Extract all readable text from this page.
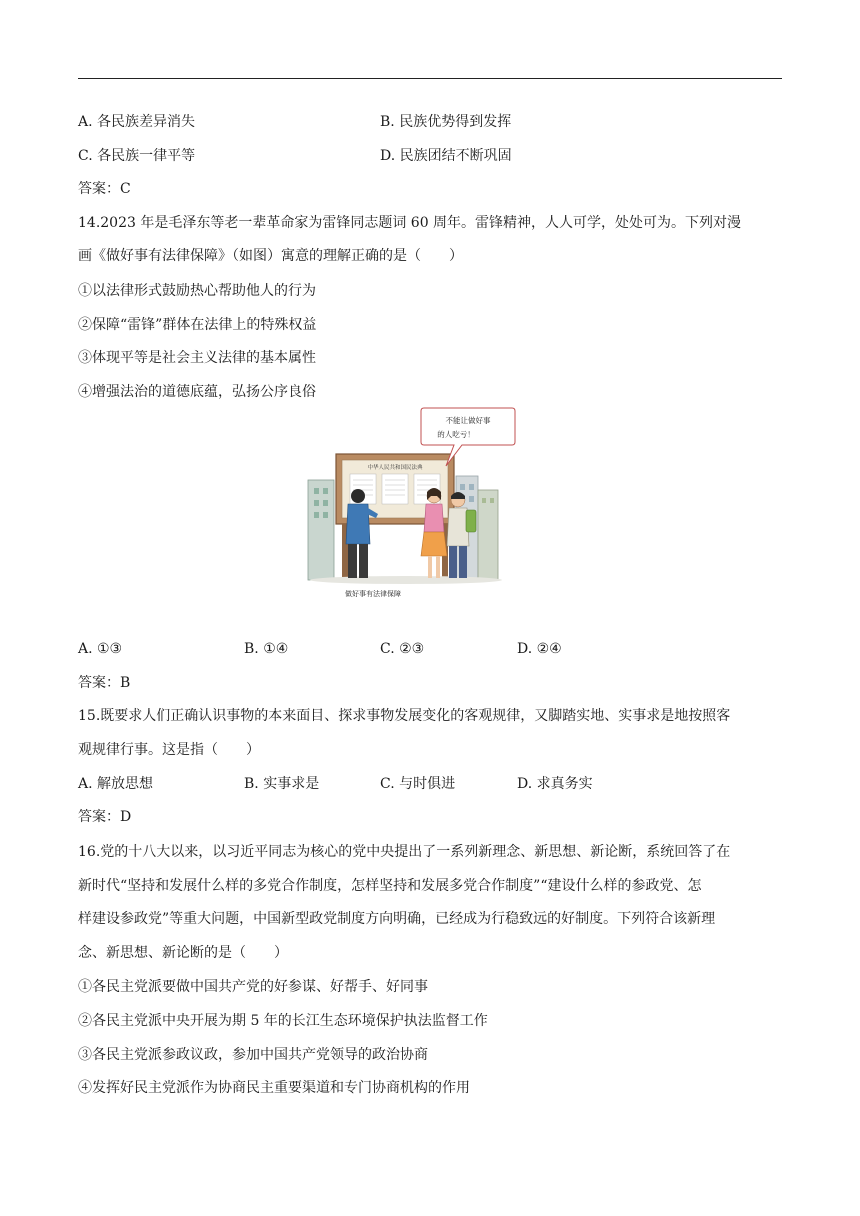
A. 各民族差异消失	B. 民族优势得到发挥
C. 各民族一律平等	D. 民族团结不断巩固
答案：C
14.2023 年是毛泽东等老一辈革命家为雷锋同志题词 60 周年。雷锋精神，人人可学，处处可为。下列对漫
画《做好事有法律保障》（如图）寓意的理解正确的是（　　）
①以法律形式鼓励热心帮助他人的行为
②保障“雷锋”群体在法律上的特殊权益
③体现平等是社会主义法律的基本属性
④增强法治的道德底蕴，弘扬公序良俗
中华人民共和国民法典
不能让做好事
的人吃亏！
做好事有法律保障
A. ①③	B. ①④	C. ②③	D. ②④
答案：B
15.既要求人们正确认识事物的本来面目、探求事物发展变化的客观规律，又脚踏实地、实事求是地按照客
观规律行事。这是指（　　）
A. 解放思想	B. 实事求是	C. 与时俱进	D. 求真务实
答案：D
16.党的十八大以来，以习近平同志为核心的党中央提出了一系列新理念、新思想、新论断，系统回答了在
新时代“坚持和发展什么样的多党合作制度，怎样坚持和发展多党合作制度”“建设什么样的参政党、怎
样建设参政党”等重大问题，中国新型政党制度方向明确，已经成为行稳致远的好制度。下列符合该新理
念、新思想、新论断的是（　　）
①各民主党派要做中国共产党的好参谋、好帮手、好同事
②各民主党派中央开展为期 5 年的长江生态环境保护执法监督工作
③各民主党派参政议政，参加中国共产党领导的政治协商
④发挥好民主党派作为协商民主重要渠道和专门协商机构的作用
